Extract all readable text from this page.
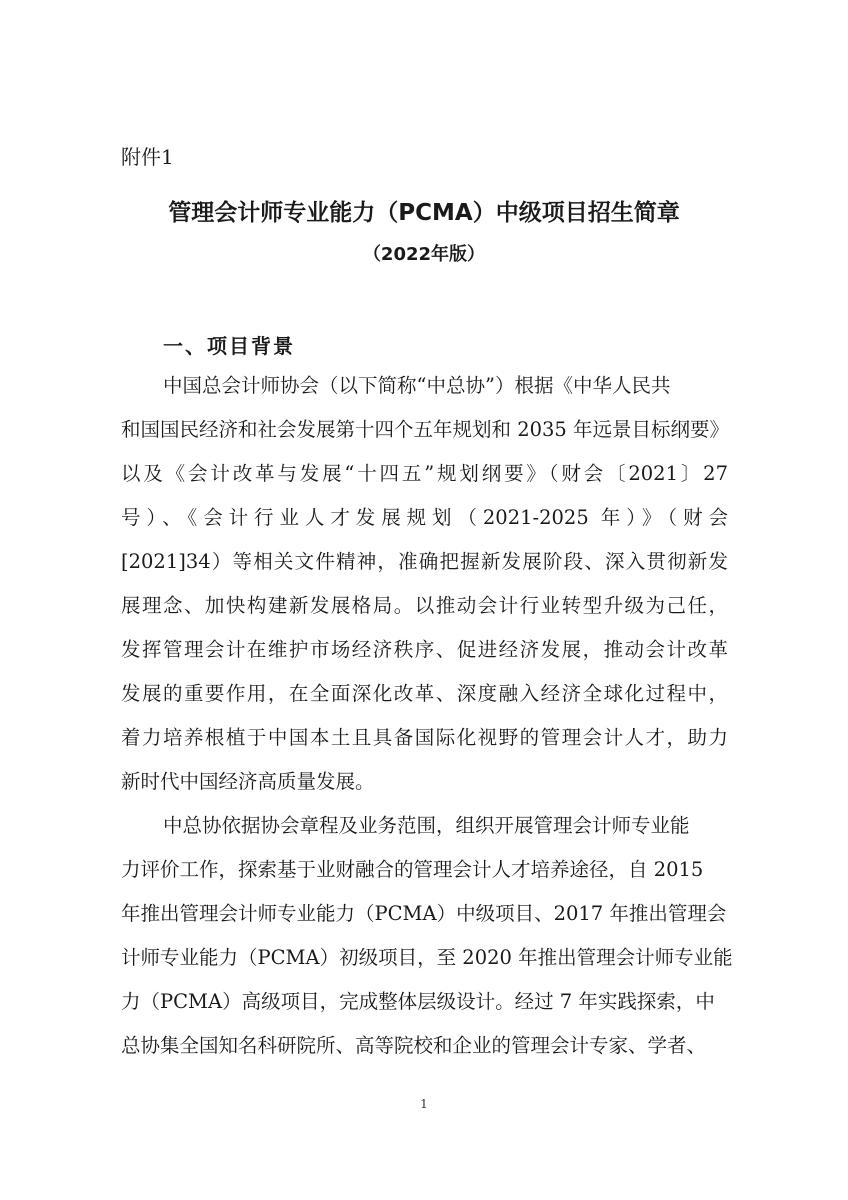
附件1
管理会计师专业能力（PCMA）中级项目招生简章
（2022年版）
一、项目背景
中国总会计师协会（以下简称“中总协”）根据《中华人民共
和国国民经济和社会发展第十四个五年规划和 2035 年远景目标纲要》
以及《会计改革与发展“十四五”规划纲要》（财会〔2021〕27
号）、《会计行业人才发展规划（2021-2025 年）》（财会
[2021]34）等相关文件精神，准确把握新发展阶段、深入贯彻新发
展理念、加快构建新发展格局。以推动会计行业转型升级为己任，
发挥管理会计在维护市场经济秩序、促进经济发展，推动会计改革
发展的重要作用，在全面深化改革、深度融入经济全球化过程中，
着力培养根植于中国本土且具备国际化视野的管理会计人才，助力
新时代中国经济高质量发展。
中总协依据协会章程及业务范围，组织开展管理会计师专业能
力评价工作，探索基于业财融合的管理会计人才培养途径，自 2015
年推出管理会计师专业能力（PCMA）中级项目、2017 年推出管理会
计师专业能力（PCMA）初级项目，至 2020 年推出管理会计师专业能
力（PCMA）高级项目，完成整体层级设计。经过 7 年实践探索，中
总协集全国知名科研院所、高等院校和企业的管理会计专家、学者、
1
